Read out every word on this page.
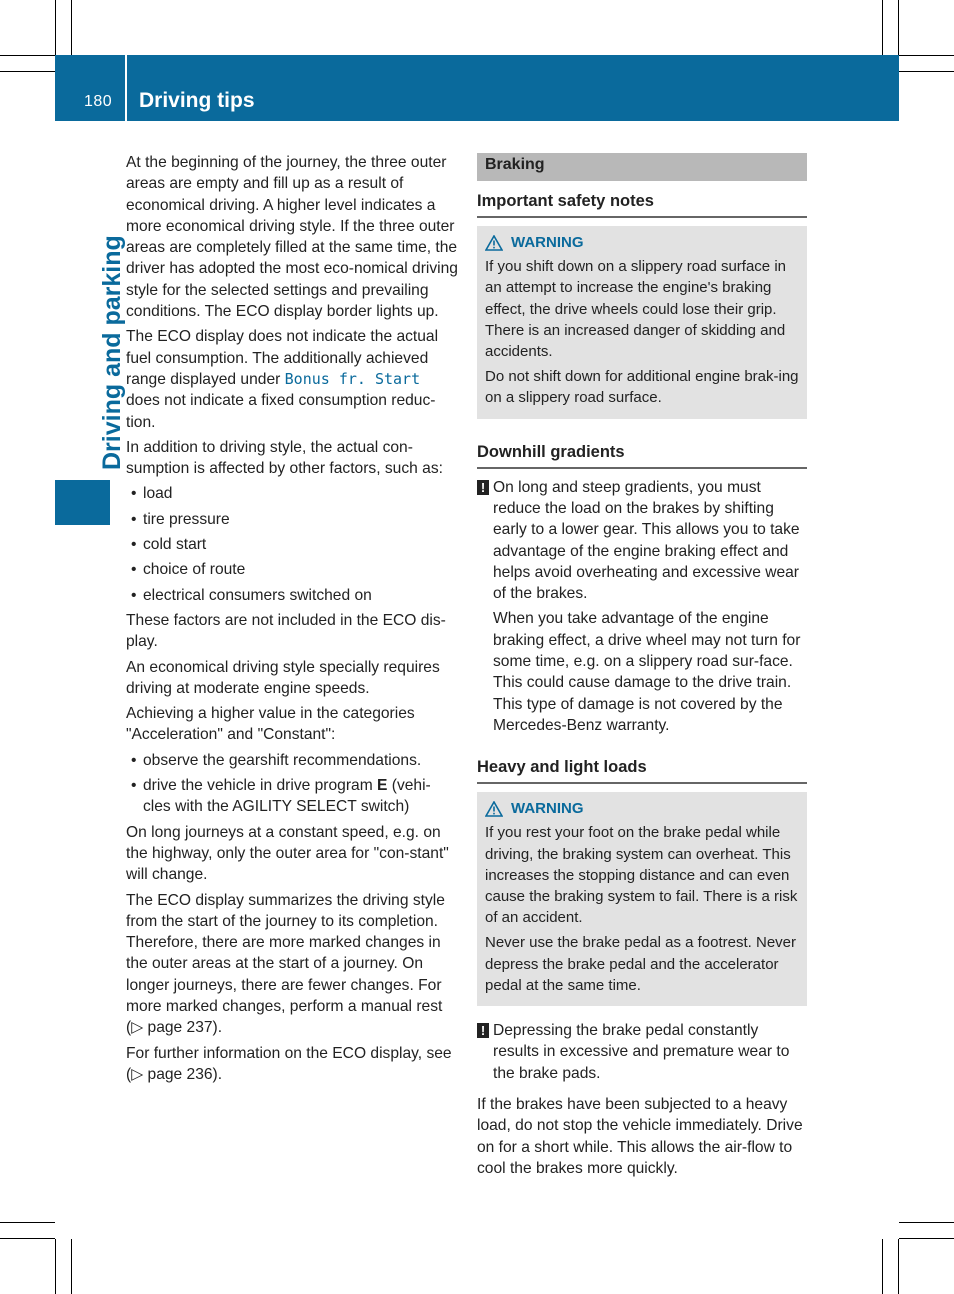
180 Driving tips
Driving and parking

At the beginning of the journey, the three outer areas are empty and fill up as a result of economical driving. A higher level indicates a more economical driving style. If the three outer areas are completely filled at the same time, the driver has adopted the most eco-nomical driving style for the selected settings and prevailing conditions. The ECO display border lights up.

The ECO display does not indicate the actual fuel consumption. The additionally achieved range displayed under Bonus fr. Start does not indicate a fixed consumption reduc-tion.

In addition to driving style, the actual con-sumption is affected by other factors, such as:

• load
• tire pressure
• cold start
• choice of route
• electrical consumers switched on

These factors are not included in the ECO dis-play.

An economical driving style specially requires driving at moderate engine speeds.

Achieving a higher value in the categories "Acceleration" and "Constant":

• observe the gearshift recommendations.
• drive the vehicle in drive program E (vehi-cles with the AGILITY SELECT switch)

On long journeys at a constant speed, e.g. on the highway, only the outer area for "con-stant" will change.

The ECO display summarizes the driving style from the start of the journey to its completion. Therefore, there are more marked changes in the outer areas at the start of a journey. On longer journeys, there are fewer changes. For more marked changes, perform a manual rest (▷ page 237).

For further information on the ECO display, see (▷ page 236).

Braking
Important safety notes
WARNING

If you shift down on a slippery road surface in an attempt to increase the engine's braking effect, the drive wheels could lose their grip. There is an increased danger of skidding and accidents.

Do not shift down for additional engine brak-ing on a slippery road surface.

Downhill gradients
! On long and steep gradients, you must reduce the load on the brakes by shifting early to a lower gear. This allows you to take advantage of the engine braking effect and helps avoid overheating and excessive wear of the brakes.

When you take advantage of the engine braking effect, a drive wheel may not turn for some time, e.g. on a slippery road sur-face. This could cause damage to the drive train. This type of damage is not covered by the Mercedes-Benz warranty.

Heavy and light loads
WARNING

If you rest your foot on the brake pedal while driving, the braking system can overheat. This increases the stopping distance and can even cause the braking system to fail. There is a risk of an accident.

Never use the brake pedal as a footrest. Never depress the brake pedal and the accelerator pedal at the same time.

! Depressing the brake pedal constantly results in excessive and premature wear to the brake pads.

If the brakes have been subjected to a heavy load, do not stop the vehicle immediately. Drive on for a short while. This allows the air-flow to cool the brakes more quickly.
